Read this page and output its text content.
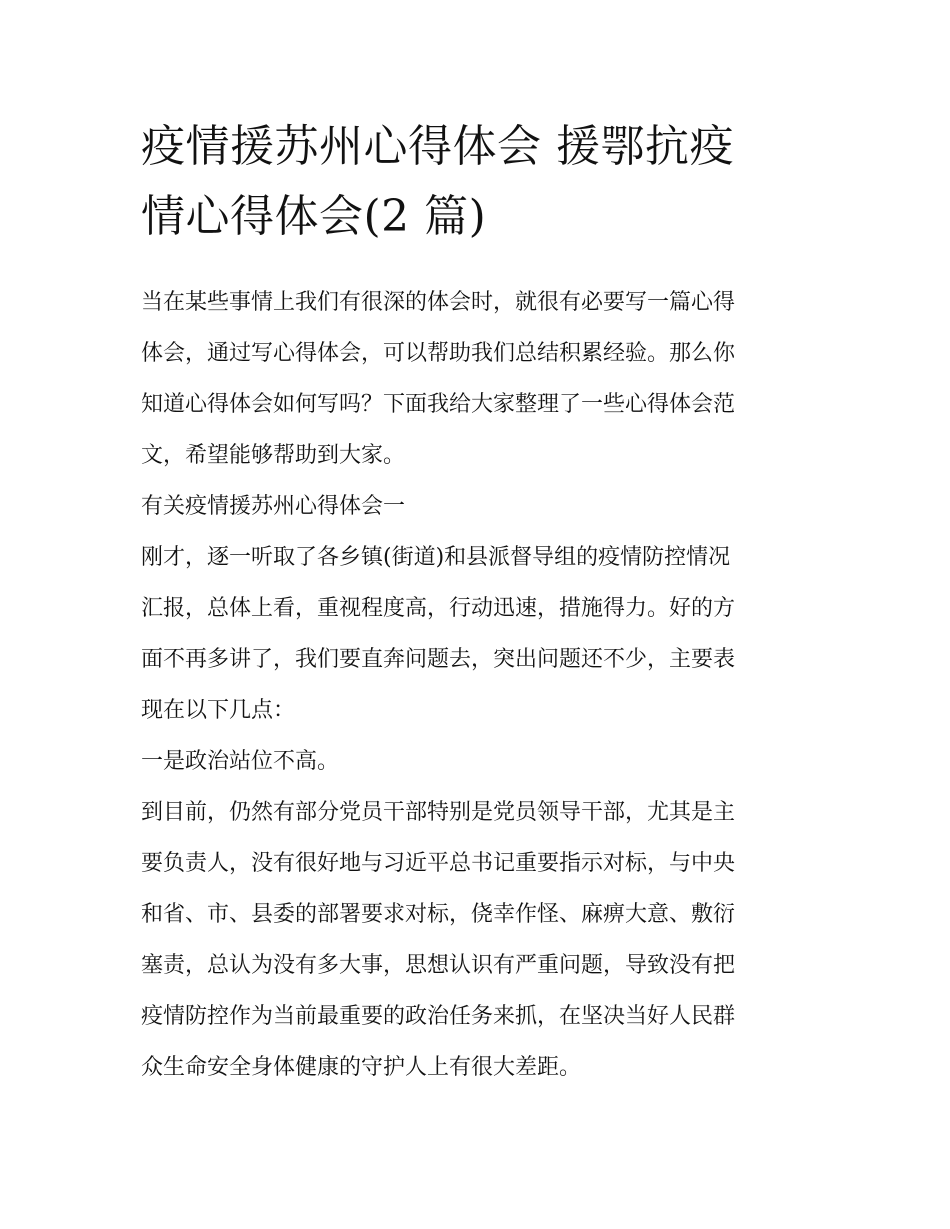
疫情援苏州心得体会 援鄂抗疫
情心得体会(2 篇)
当在某些事情上我们有很深的体会时，就很有必要写一篇心得
体会，通过写心得体会，可以帮助我们总结积累经验。那么你
知道心得体会如何写吗？下面我给大家整理了一些心得体会范
文，希望能够帮助到大家。
有关疫情援苏州心得体会一
刚才，逐一听取了各乡镇(街道)和县派督导组的疫情防控情况
汇报，总体上看，重视程度高，行动迅速，措施得力。好的方
面不再多讲了，我们要直奔问题去，突出问题还不少，主要表
现在以下几点：
一是政治站位不高。
到目前，仍然有部分党员干部特别是党员领导干部，尤其是主
要负责人，没有很好地与习近平总书记重要指示对标，与中央
和省、市、县委的部署要求对标，侥幸作怪、麻痹大意、敷衍
塞责，总认为没有多大事，思想认识有严重问题，导致没有把
疫情防控作为当前最重要的政治任务来抓，在坚决当好人民群
众生命安全身体健康的守护人上有很大差距。
